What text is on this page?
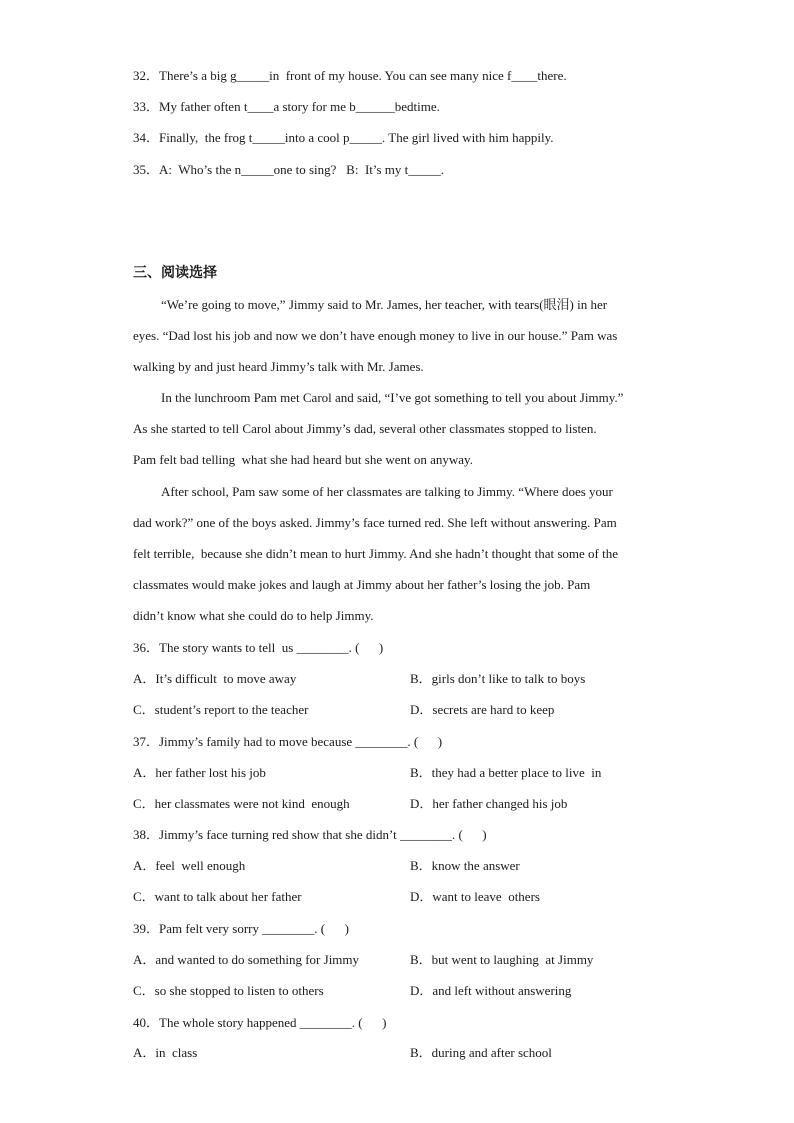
32．There’s a big g_____in  front of my house. You can see many nice f____there.
33．My father often t____a story for me b______bedtime.
34．Finally,  the frog t_____into a cool p_____. The girl lived with him happily.
35．A:  Who’s the n_____one to sing?   B:  It’s my t_____.
三、阅读选择
“We’re going to move,” Jimmy said to Mr. James, her teacher, with tears(眼泪) in her
eyes. “Dad lost his job and now we don’t have enough money to live in our house.” Pam was
walking by and just heard Jimmy’s talk with Mr. James.
In the lunchroom Pam met Carol and said, “I’ve got something to tell you about Jimmy.”
As she started to tell Carol about Jimmy’s dad, several other classmates stopped to listen.
Pam felt bad telling  what she had heard but she went on anyway.
After school, Pam saw some of her classmates are talking to Jimmy. “Where does your
dad work?” one of the boys asked. Jimmy’s face turned red. She left without answering. Pam
felt terrible,  because she didn’t mean to hurt Jimmy. And she hadn’t thought that some of the
classmates would make jokes and laugh at Jimmy about her father’s losing the job. Pam
didn’t know what she could do to help Jimmy.
36．The story wants to tell  us ________. (      )
A．It’s difficult  to move away	B．girls don’t like to talk to boys
C．student’s report to the teacher	D．secrets are hard to keep
37．Jimmy’s family had to move because ________. (      )
A．her father lost his job	B．they had a better place to live  in
C．her classmates were not kind  enough	D．her father changed his job
38．Jimmy’s face turning red show that she didn’t ________. (      )
A．feel  well enough	B．know the answer
C．want to talk about her father	D．want to leave  others
39．Pam felt very sorry ________. (      )
A．and wanted to do something for Jimmy	B．but went to laughing  at Jimmy
C．so she stopped to listen to others	D．and left without answering
40．The whole story happened ________. (      )
A．in  class	B．during and after school
